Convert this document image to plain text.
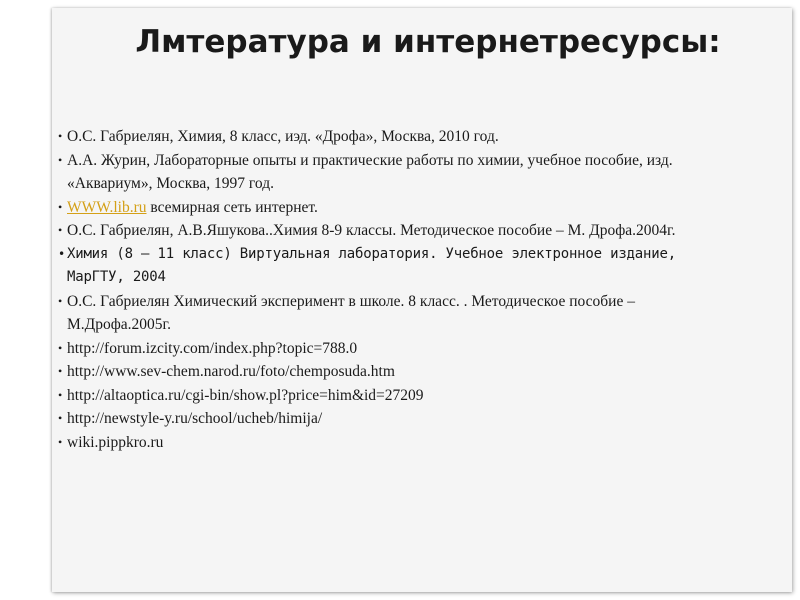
Лмтература и интернетресурсы:
• О.С. Габриелян, Химия, 8 класс, иэд. «Дрофа», Москва, 2010 год.
• А.А. Журин, Лабораторные опыты и практические работы по химии, учебное пособие, изд. «Аквариум», Москва, 1997 год.
• WWW.lib.ru всемирная сеть интернет.
• О.С. Габриелян, А.В.Яшукова..Химия 8-9 классы. Методическое пособие – М. Дрофа.2004г.
• Химия (8 – 11 класс) Виртуальная лаборатория. Учебное электронное издание, МарГТУ, 2004
• О.С. Габриелян Химический эксперимент в школе. 8 класс. . Методическое пособие – М.Дрофа.2005г.
• http://forum.izcity.com/index.php?topic=788.0
• http://www.sev-chem.narod.ru/foto/chemposuda.htm
• http://altaoptica.ru/cgi-bin/show.pl?price=him&id=27209
• http://newstyle-y.ru/school/ucheb/himija/
• wiki.pippkro.ru
